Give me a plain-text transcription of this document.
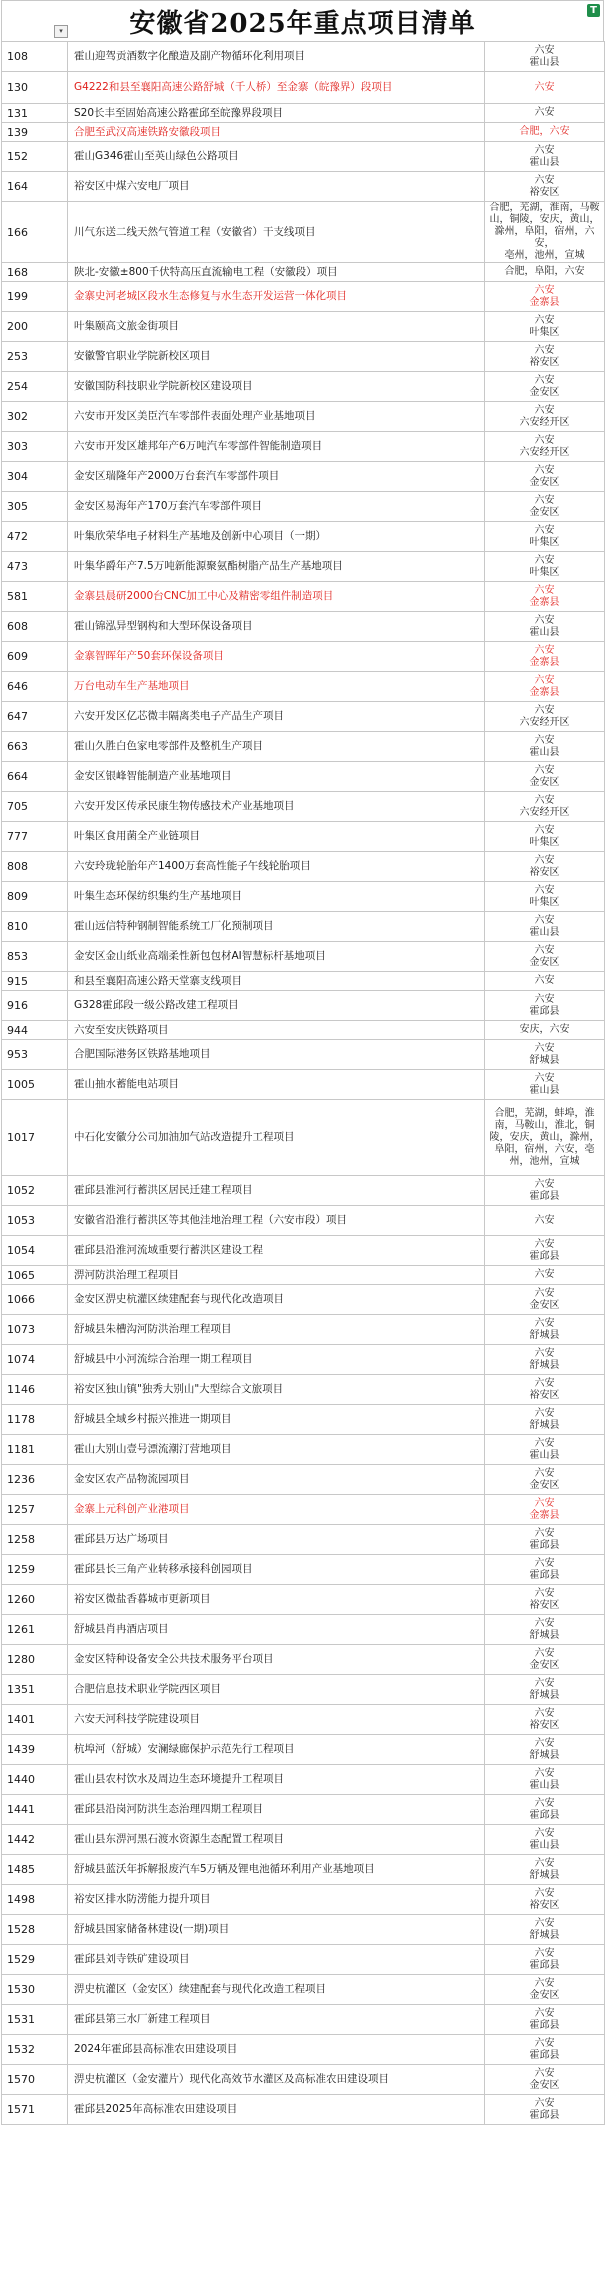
安徽省2025年重点项目清单
▾
T
108	霍山迎驾贡酒数字化酿造及副产物循环化利用项目	六安
霍山县

130	G4222和县至襄阳高速公路舒城（千人桥）至金寨（皖豫界）段项目	六安

131	S20长丰至固始高速公路霍邱至皖豫界段项目	六安

139	合肥至武汉高速铁路安徽段项目	合肥，六安

152	霍山G346霍山至英山绿色公路项目	六安
霍山县

164	裕安区中煤六安电厂项目	六安
裕安区

166	川气东送二线天然气管道工程（安徽省）干支线项目	合肥，芜湖，淮南，马鞍
山，铜陵，安庆，黄山，
滁州，阜阳，宿州，六安，
亳州，池州，宣城

168	陕北-安徽±800千伏特高压直流输电工程（安徽段）项目	合肥，阜阳，六安

199	金寨史河老城区段水生态修复与水生态开发运营一体化项目	六安
金寨县

200	叶集颐高文旅金街项目	六安
叶集区

253	安徽警官职业学院新校区项目	六安
裕安区

254	安徽国防科技职业学院新校区建设项目	六安
金安区

302	六安市开发区美臣汽车零部件表面处理产业基地项目	六安
六安经开区

303	六安市开发区雄邦年产6万吨汽车零部件智能制造项目	六安
六安经开区

304	金安区瑞隆年产2000万台套汽车零部件项目	六安
金安区

305	金安区易海年产170万套汽车零部件项目	六安
金安区

472	叶集欣荣华电子材料生产基地及创新中心项目（一期）	六安
叶集区

473	叶集华爵年产7.5万吨新能源聚氨酯树脂产品生产基地项目	六安
叶集区

581	金寨县晨研2000台CNC加工中心及精密零组件制造项目	六安
金寨县

608	霍山锦泓异型钢构和大型环保设备项目	六安
霍山县

609	金寨智晖年产50套环保设备项目	六安
金寨县

646	万台电动车生产基地项目	六安
金寨县

647	六安开发区亿芯微丰隔离类电子产品生产项目	六安
六安经开区

663	霍山久胜白色家电零部件及整机生产项目	六安
霍山县

664	金安区银峰智能制造产业基地项目	六安
金安区

705	六安开发区传承民康生物传感技术产业基地项目	六安
六安经开区

777	叶集区食用菌全产业链项目	六安
叶集区

808	六安玲珑轮胎年产1400万套高性能子午线轮胎项目	六安
裕安区

809	叶集生态环保纺织集约生产基地项目	六安
叶集区

810	霍山远信特种钢制智能系统工厂化预制项目	六安
霍山县

853	金安区金山纸业高端柔性新包包材AI智慧标杆基地项目	六安
金安区

915	和县至襄阳高速公路天堂寨支线项目	六安

916	G328霍邱段一级公路改建工程项目	六安
霍邱县

944	六安至安庆铁路项目	安庆，六安

953	合肥国际港务区铁路基地项目	六安
舒城县

1005	霍山抽水蓄能电站项目	六安
霍山县

1017	中石化安徽分公司加油加气站改造提升工程项目	合肥，芜湖，蚌埠，淮
南，马鞍山，淮北，铜
陵，安庆，黄山，滁州，
阜阳，宿州，六安，亳
州，池州，宣城

1052	霍邱县淮河行蓄洪区居民迁建工程项目	六安
霍邱县

1053	安徽省沿淮行蓄洪区等其他洼地治理工程（六安市段）项目	六安

1054	霍邱县沿淮河流域重要行蓄洪区建设工程	六安
霍邱县

1065	淠河防洪治理工程项目	六安

1066	金安区淠史杭灌区续建配套与现代化改造项目	六安
金安区

1073	舒城县朱槽沟河防洪治理工程项目	六安
舒城县

1074	舒城县中小河流综合治理一期工程项目	六安
舒城县

1146	裕安区独山镇"独秀大别山"大型综合文旅项目	六安
裕安区

1178	舒城县全域乡村振兴推进一期项目	六安
舒城县

1181	霍山大别山壹号漂流潮汀营地项目	六安
霍山县

1236	金安区农产品物流园项目	六安
金安区

1257	金寨上元科创产业港项目	六安
金寨县

1258	霍邱县万达广场项目	六安
霍邱县

1259	霍邱县长三角产业转移承接科创园项目	六安
霍邱县

1260	裕安区微盐香暮城市更新项目	六安
裕安区

1261	舒城县肖冉酒店项目	六安
舒城县

1280	金安区特种设备安全公共技术服务平台项目	六安
金安区

1351	合肥信息技术职业学院西区项目	六安
舒城县

1401	六安天河科技学院建设项目	六安
裕安区

1439	杭埠河（舒城）安澜绿廊保护示范先行工程项目	六安
舒城县

1440	霍山县农村饮水及周边生态环境提升工程项目	六安
霍山县

1441	霍邱县沿岗河防洪生态治理四期工程项目	六安
霍邱县

1442	霍山县东淠河黑石渡水资源生态配置工程项目	六安
霍山县

1485	舒城县蓝沃年拆解报废汽车5万辆及锂电池循环利用产业基地项目	六安
舒城县

1498	裕安区排水防涝能力提升项目	六安
裕安区

1528	舒城县国家储备林建设(一期)项目	六安
舒城县

1529	霍邱县刘寺铁矿建设项目	六安
霍邱县

1530	淠史杭灌区（金安区）续建配套与现代化改造工程项目	六安
金安区

1531	霍邱县第三水厂新建工程项目	六安
霍邱县

1532	2024年霍邱县高标准农田建设项目	六安
霍邱县

1570	淠史杭灌区（金安灌片）现代化高效节水灌区及高标准农田建设项目	六安
金安区

1571	霍邱县2025年高标准农田建设项目	六安
霍邱县
